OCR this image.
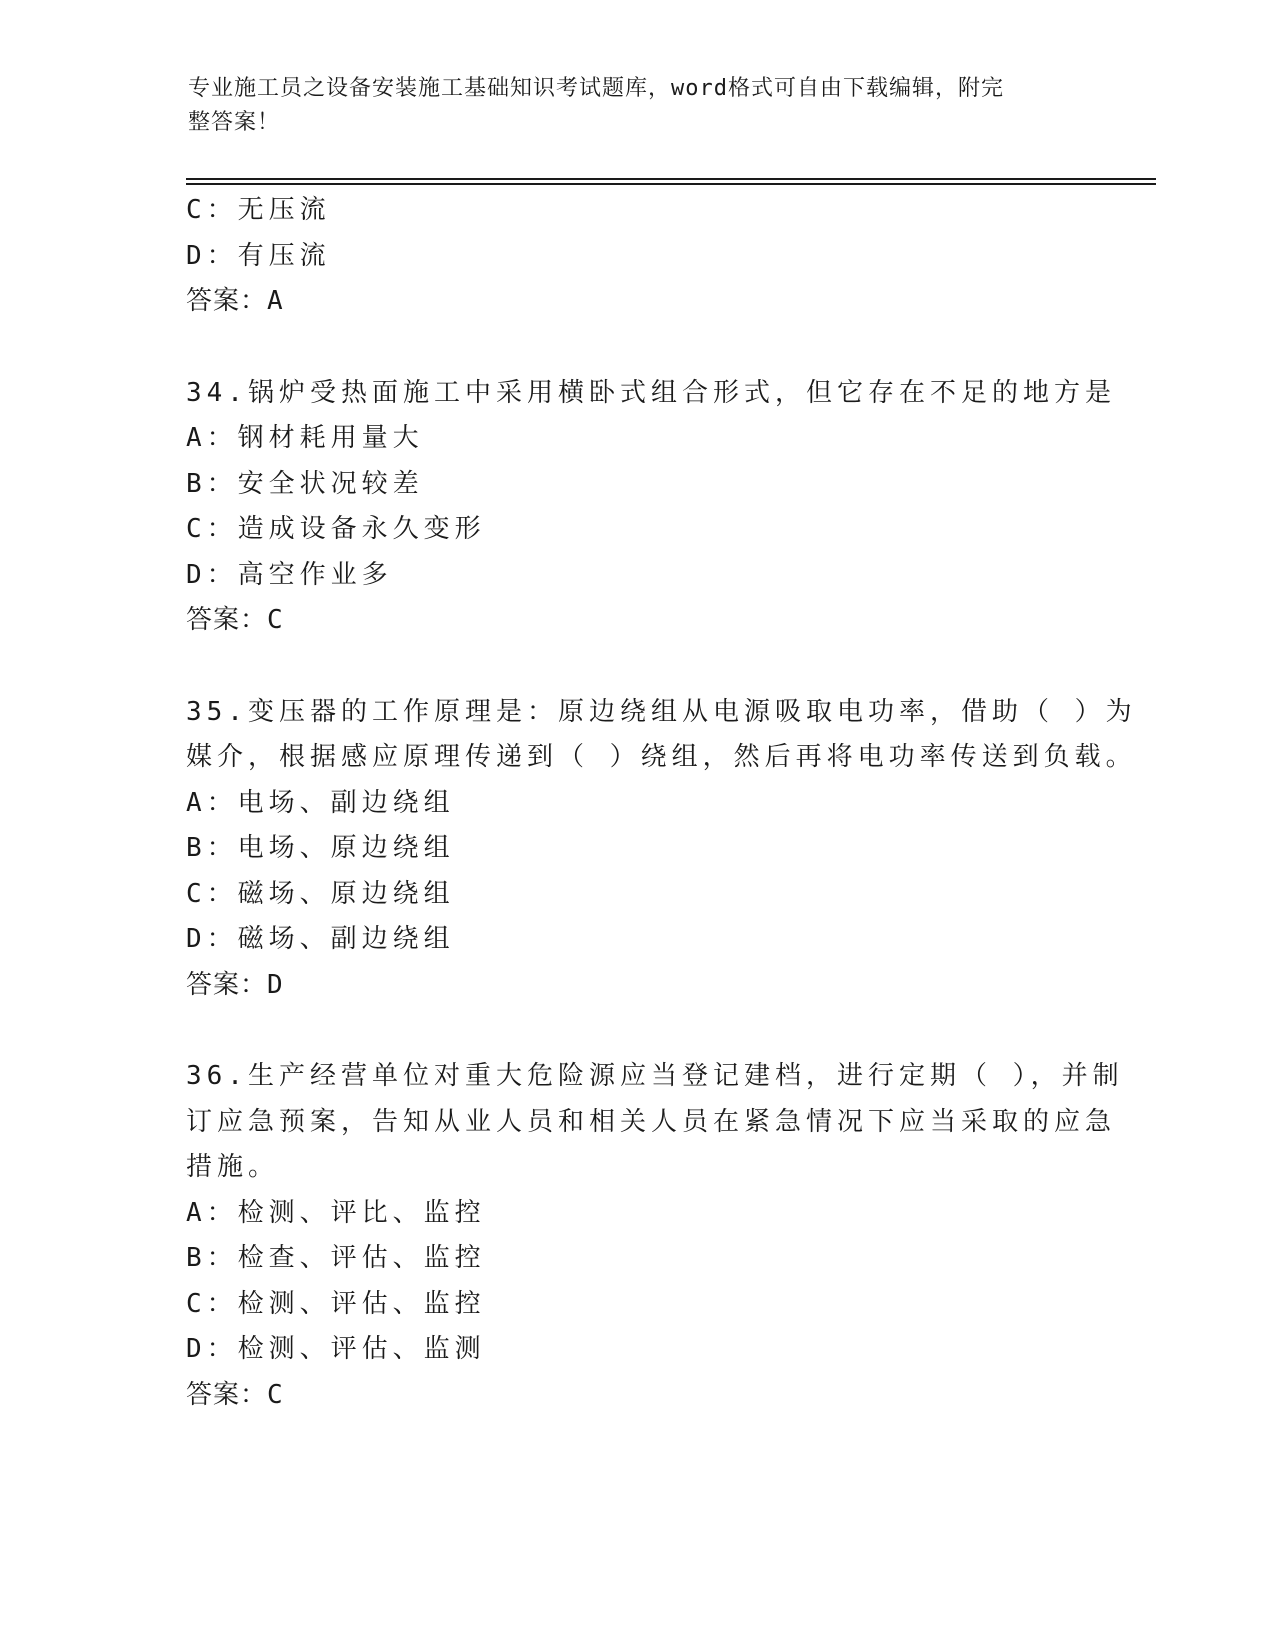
专业施工员之设备安装施工基础知识考试题库，word格式可自由下载编辑，附完
整答案！
C：无压流
D：有压流
答案：A
34.锅炉受热面施工中采用横卧式组合形式，但它存在不足的地方是
A：钢材耗用量大
B：安全状况较差
C：造成设备永久变形
D：高空作业多
答案：C
35.变压器的工作原理是：原边绕组从电源吸取电功率，借助（ ）为
媒介，根据感应原理传递到（ ）绕组，然后再将电功率传送到负载。
A：电场、副边绕组
B：电场、原边绕组
C：磁场、原边绕组
D：磁场、副边绕组
答案：D
36.生产经营单位对重大危险源应当登记建档，进行定期（ ），并制
订应急预案，告知从业人员和相关人员在紧急情况下应当采取的应急
措施。
A：检测、评比、监控
B：检查、评估、监控
C：检测、评估、监控
D：检测、评估、监测
答案：C
